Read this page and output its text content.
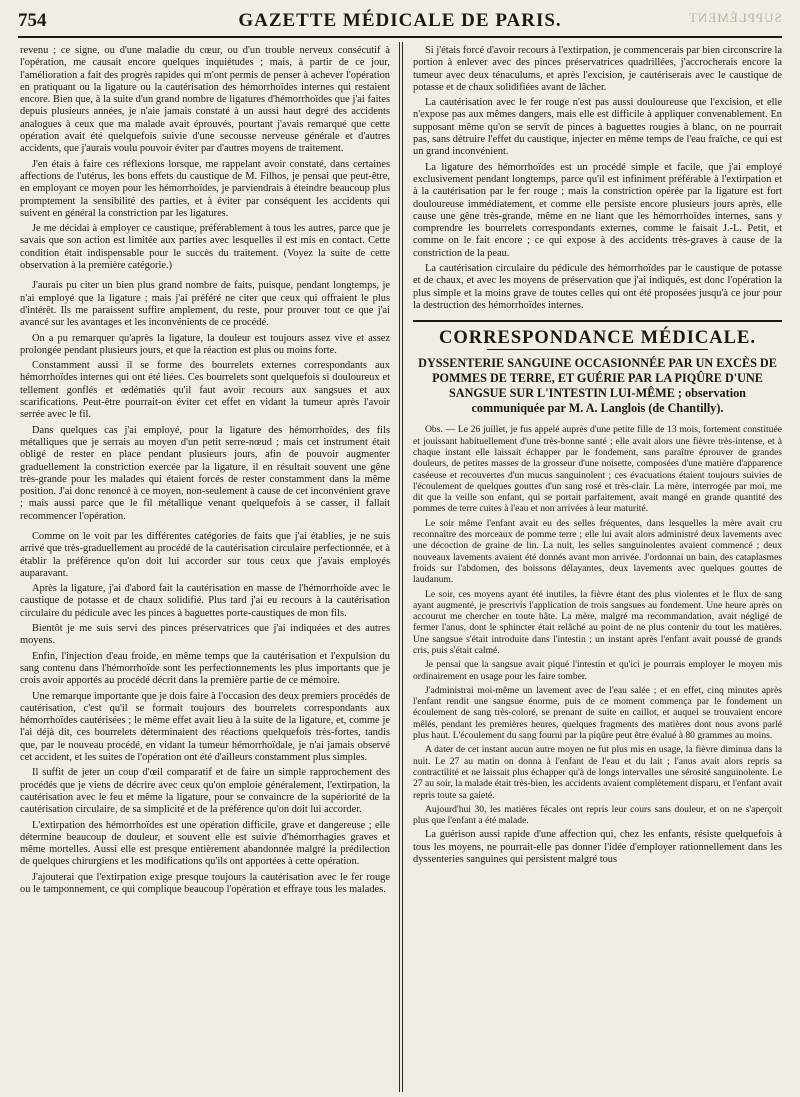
754	GAZETTE MÉDICALE DE PARIS.	SUPPLÉMENT

revenu ; ce signe, ou d'une maladie du cœur, ou d'un trouble nerveux consécutif à l'opération, me causait encore quelques inquiétudes ; mais, à partir de ce jour, l'amélioration a fait des progrès rapides qui m'ont permis de penser à achever l'opération en pratiquant ou la ligature ou la cautérisation des hémorrhoïdes internes qui restaient encore. Bien que, à la suite d'un grand nombre de ligatures d'hémorrhoïdes que j'ai faites depuis plusieurs années, je n'aie jamais constaté à un aussi haut degré des accidents analogues à ceux que ma malade avait éprouvés, pourtant j'avais remarqué que cette opération avait été quelquefois suivie d'une secousse nerveuse générale et d'autres accidents, que j'aurais voulu pouvoir éviter par d'autres moyens de traitement.

J'en étais à faire ces réflexions lorsque, me rappelant avoir constaté, dans certaines affections de l'utérus, les bons effets du caustique de M. Filhos, je pensai que peut-être, en employant ce moyen pour les hémorrhoïdes, je parviendrais à éteindre beaucoup plus promptement la sensibilité des parties, et à éviter par conséquent les accidents qui suivent en général la constriction par les ligatures.

Je me décidai à employer ce caustique, préférablement à tous les autres, parce que je savais que son action est limitée aux parties avec lesquelles il est mis en contact. Cette condition était indispensable pour le succès du traitement. (Voyez la suite de cette observation à la première catégorie.)

J'aurais pu citer un bien plus grand nombre de faits, puisque, pendant longtemps, je n'ai employé que la ligature ; mais j'ai préféré ne citer que ceux qui offraient le plus d'intérêt. Ils me paraissent suffire amplement, du reste, pour prouver tout ce que j'ai avancé sur les avantages et les inconvénients de ce procédé.

On a pu remarquer qu'après la ligature, la douleur est toujours assez vive et assez prolongée pendant plusieurs jours, et que la réaction est plus ou moins forte.

Constamment aussi il se forme des bourrelets externes correspondants aux hémorrhoïdes internes qui ont été liées. Ces bourrelets sont quelquefois si douloureux et tellement gonflés et œdématiés qu'il faut avoir recours aux sangsues et aux scarifications. Peut-être pourrait-on éviter cet effet en vidant la tumeur après l'avoir serrée avec le fil.

Dans quelques cas j'ai employé, pour la ligature des hémorrhoïdes, des fils métalliques que je serrais au moyen d'un petit serre-nœud ; mais cet instrument était obligé de rester en place pendant plusieurs jours, afin de pouvoir augmenter graduellement la constriction exercée par la ligature, il en résultait souvent une gêne très-grande pour les malades qui étaient forcés de rester constamment dans la même position. J'ai donc renoncé à ce moyen, non-seulement à cause de cet inconvénient grave ; mais aussi parce que le fil métallique venant quelquefois à se casser, il fallait recommencer l'opération.

Comme on le voit par les différentes catégories de faits que j'ai établies, je ne suis arrivé que très-graduellement au procédé de la cautérisation circulaire perfectionnée, et à établir la préférence qu'on doit lui accorder sur tous ceux que j'avais employés auparavant.

Après la ligature, j'ai d'abord fait la cautérisation en masse de l'hémorrhoïde avec le caustique de potasse et de chaux solidifié. Plus tard j'ai eu recours à la cautérisation circulaire du pédicule avec les pinces à baguettes porte-caustiques de mon fils.

Bientôt je me suis servi des pinces préservatrices que j'ai indiquées et des autres moyens.

Enfin, l'injection d'eau froide, en même temps que la cautérisation et l'expulsion du sang contenu dans l'hémorrhoïde sont les perfectionnements les plus importants que je crois avoir apportés au procédé décrit dans la première partie de ce mémoire.

Une remarque importante que je dois faire à l'occasion des deux premiers procédés de cautérisation, c'est qu'il se formait toujours des bourrelets correspondants aux hémorrhoïdes cautérisées ; le même effet avait lieu à la suite de la ligature, et, comme je l'ai déjà dit, ces bourrelets déterminaient des réactions quelquefois très-fortes, tandis que, par le nouveau procédé, en vidant la tumeur hémorrhoïdale, je n'ai jamais observé cet accident, et les suites de l'opération ont été d'ailleurs constamment plus simples.

Il suffit de jeter un coup d'œil comparatif et de faire un simple rapprochement des procédés que je viens de décrire avec ceux qu'on emploie généralement, l'extirpation, la cautérisation avec le feu et même la ligature, pour se convaincre de la supériorité de la cautérisation circulaire, de sa simplicité et de la préférence qu'on doit lui accorder.

L'extirpation des hémorrhoïdes est une opération difficile, grave et dangereuse ; elle détermine beaucoup de douleur, et souvent elle est suivie d'hémorrhagies graves et même mortelles. Aussi elle est presque entièrement abandonnée malgré la prédilection de quelques chirurgiens et les modifications qu'ils ont apportées à cette opération.

J'ajouterai que l'extirpation exige presque toujours la cautérisation avec le fer rouge ou le tamponnement, ce qui complique beaucoup l'opération et effraye tous les malades.

Si j'étais forcé d'avoir recours à l'extirpation, je commencerais par bien circonscrire la portion à enlever avec des pinces préservatrices quadrillées, j'accrocherais encore la tumeur avec deux ténaculums, et après l'excision, je cautériserais avec le caustique de potasse et de chaux solidifiées avant de lâcher.

La cautérisation avec le fer rouge n'est pas aussi douloureuse que l'excision, et elle n'expose pas aux mêmes dangers, mais elle est difficile à appliquer convenablement. En supposant même qu'on se servît de pinces à baguettes rougies à blanc, on ne pourrait pas, sans détruire l'effet du caustique, injecter en même temps de l'eau fraîche, ce qui est un grand inconvénient.

La ligature des hémorrhoïdes est un procédé simple et facile, que j'ai employé exclusivement pendant longtemps, parce qu'il est infiniment préférable à l'extirpation et à la cautérisation par le fer rouge ; mais la constriction opérée par la ligature est fort douloureuse immédiatement, et comme elle persiste encore plusieurs jours après, elle cause une gêne très-grande, même en ne liant que les hémorrhoïdes internes, sans y comprendre les bourrelets correspondants externes, comme le faisait J.-L. Petit, et comme on le fait encore ; ce qui expose à des accidents très-graves à cause de la constriction de la peau.

La cautérisation circulaire du pédicule des hémorrhoïdes par le caustique de potasse et de chaux, et avec les moyens de préservation que j'ai indiqués, est donc l'opération la plus simple et la moins grave de toutes celles qui ont été proposées jusqu'à ce jour pour la destruction des hémorrhoïdes internes.

CORRESPONDANCE MÉDICALE.
DYSSENTERIE SANGUINE OCCASIONNÉE PAR UN EXCÈS DE POMMES DE TERRE, ET GUÉRIE PAR LA PIQÛRE D'UNE SANGSUE SUR L'INTESTIN LUI-MÊME ; observation communiquée par M. A. Langlois (de Chantilly).

Obs. — Le 26 juillet, je fus appelé auprès d'une petite fille de 13 mois, fortement constituée et jouissant habituellement d'une très-bonne santé ; elle avait alors une fièvre très-intense, et à chaque instant elle laissait échapper par le fondement, sans paraître éprouver de grandes douleurs, de petites masses de la grosseur d'une noisette, composées d'une matière d'apparence caséeuse et recouvertes d'un mucus sanguinolent ; ces évacuations étaient toujours suivies de l'écoulement de quelques gouttes d'un sang rosé et très-clair. La mère, interrogée par moi, me dit que la veille son enfant, qui se portait parfaitement, avait mangé en grande quantité des pommes de terre cuites à l'eau et non arrivées à leur maturité.

Le soir même l'enfant avait eu des selles fréquentes, dans lesquelles la mère avait cru reconnaître des morceaux de pomme terre ; elle lui avait alors administré deux lavements avec une décoction de graine de lin. La nuit, les selles sanguinolentes avaient commencé ; deux nouveaux lavements avaient été donnés avant mon arrivée. J'ordonnai un bain, des cataplasmes froids sur l'abdomen, des boissons délayantes, deux lavements avec quelques gouttes de laudanum.

Le soir, ces moyens ayant été inutiles, la fièvre étant des plus violentes et le flux de sang ayant augmenté, je prescrivis l'application de trois sangsues au fondement. Une heure après on accourut me chercher en toute hâte. La mère, malgré ma recommandation, avait négligé de fermer l'anus, dont le sphincter était relâché au point de ne plus contenir du tout les matières. Une sangsue s'était introduite dans l'intestin ; un instant après l'enfant avait poussé de grands cris, puis s'était calmé.

Je pensai que la sangsue avait piqué l'intestin et qu'ici je pourrais employer le moyen mis ordinairement en usage pour les faire tomber.

J'administrai moi-même un lavement avec de l'eau salée ; et en effet, cinq minutes après l'enfant rendit une sangsue énorme, puis de ce moment commença par le fondement un écoulement de sang très-coloré, se prenant de suite en caillot, et auquel se trouvaient encore mêlés, pendant les premières heures, quelques fragments des matières dont nous avons parlé plus haut. L'écoulement du sang fourni par la piqûre peut être évalué à 80 grammes au moins.

A dater de cet instant aucun autre moyen ne fut plus mis en usage, la fièvre diminua dans la nuit. Le 27 au matin on donna à l'enfant de l'eau et du lait ; l'anus avait alors repris sa contractilité et ne laissait plus échapper qu'à de longs intervalles une sérosité sanguinolente. Le 27 au soir, la malade était très-bien, les accidents avaient complètement disparu, et l'enfant avait repris toute sa gaieté.

Aujourd'hui 30, les matières fécales ont repris leur cours sans douleur, et on ne s'aperçoit plus que l'enfant a été malade.

La guérison aussi rapide d'une affection qui, chez les enfants, résiste quelquefois à tous les moyens, ne pourrait-elle pas donner l'idée d'employer rationnellement dans les dyssenteries sanguines qui persistent malgré tous
